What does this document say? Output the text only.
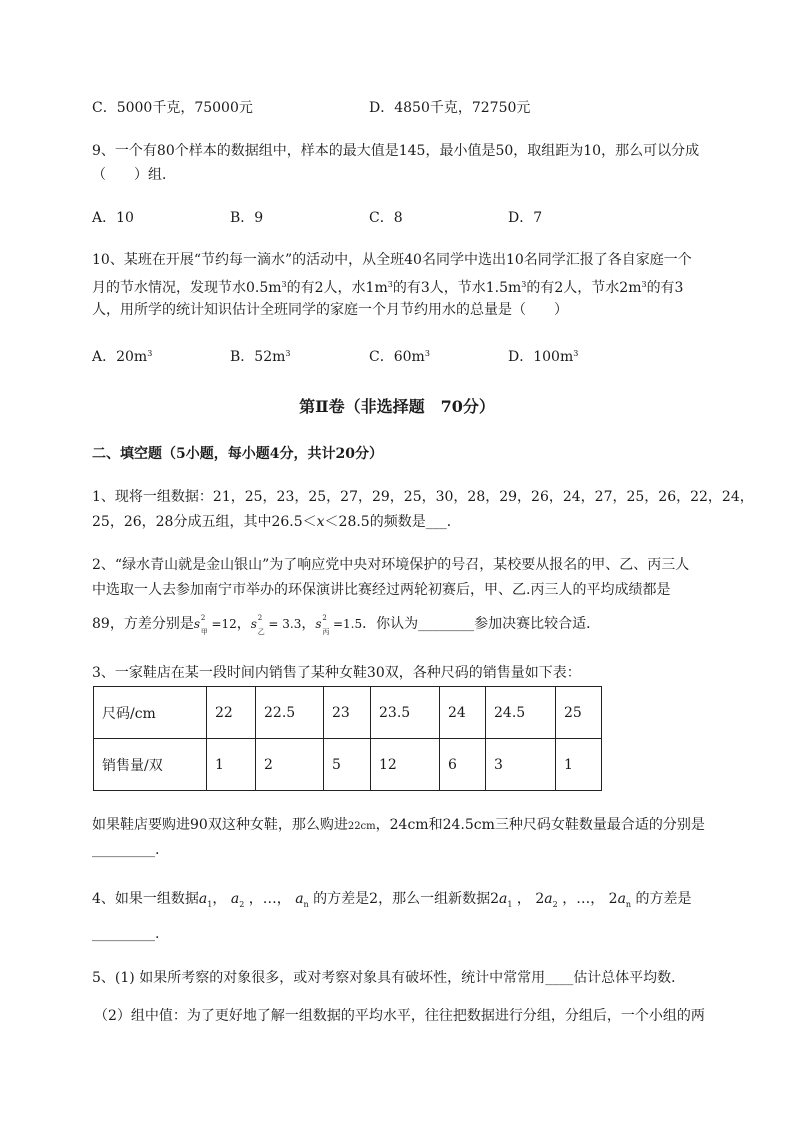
C．5000千克，75000元	D．4850千克，72750元
9、一个有80个样本的数据组中，样本的最大值是145，最小值是50，取组距为10，那么可以分成
（　　）组．
A．10	B．9	C．8	D．7
10、某班在开展“节约每一滴水”的活动中，从全班40名同学中选出10名同学汇报了各自家庭一个
月的节水情况，发现节水$0.5m^3$的有2人，水$1m^3$的有3人，节水$1.5m^3$的有2人，节水$2m^3$的有3
人，用所学的统计知识估计全班同学的家庭一个月节约用水的总量是（　　）
A．$20m^3$	B．$52m^3$	C．$60m^3$	D．$100m^3$
第Ⅱ卷（非选择题　70分）
二、填空题（5小题，每小题4分，共计20分）
1、现将一组数据：21，25，23，25，27，29，25，30，28，29，26，24，27，25，26，22，24，
25，26，28分成五组，其中26.5＜x＜28.5的频数是___．
2、“绿水青山就是金山银山”为了响应党中央对环境保护的号召，某校要从报名的甲、乙、丙三人
中选取一人去参加南宁市举办的环保演讲比赛经过两轮初赛后，甲、乙.丙三人的平均成绩都是
89，方差分别是s 2
甲
=12，s 2
乙
= 3.3，s 2
丙
=1.5．你认为________参加决赛比较合适．
3、一家鞋店在某一段时间内销售了某种女鞋30双，各种尺码的销售量如下表：
尺码/cm	22	22.5	23	23.5	24	24.5	25
销售量/双	1	2	5	12	6	3	1
如果鞋店要购进90双这种女鞋，那么购进22cm，24cm和24.5cm三种尺码女鞋数量最合适的分别是
_________.
4、如果一组数据$a_1$， $a_2$ ，…， $a_n$ 的方差是2，那么一组新数据$2a_1$ ， $2a_2$ ，…， $2a_n$ 的方差是
_________.
5、(1) 如果所考察的对象很多，或对考察对象具有破坏性，统计中常常用____估计总体平均数．
（2）组中值：为了更好地了解一组数据的平均水平，往往把数据进行分组，分组后，一个小组的两
